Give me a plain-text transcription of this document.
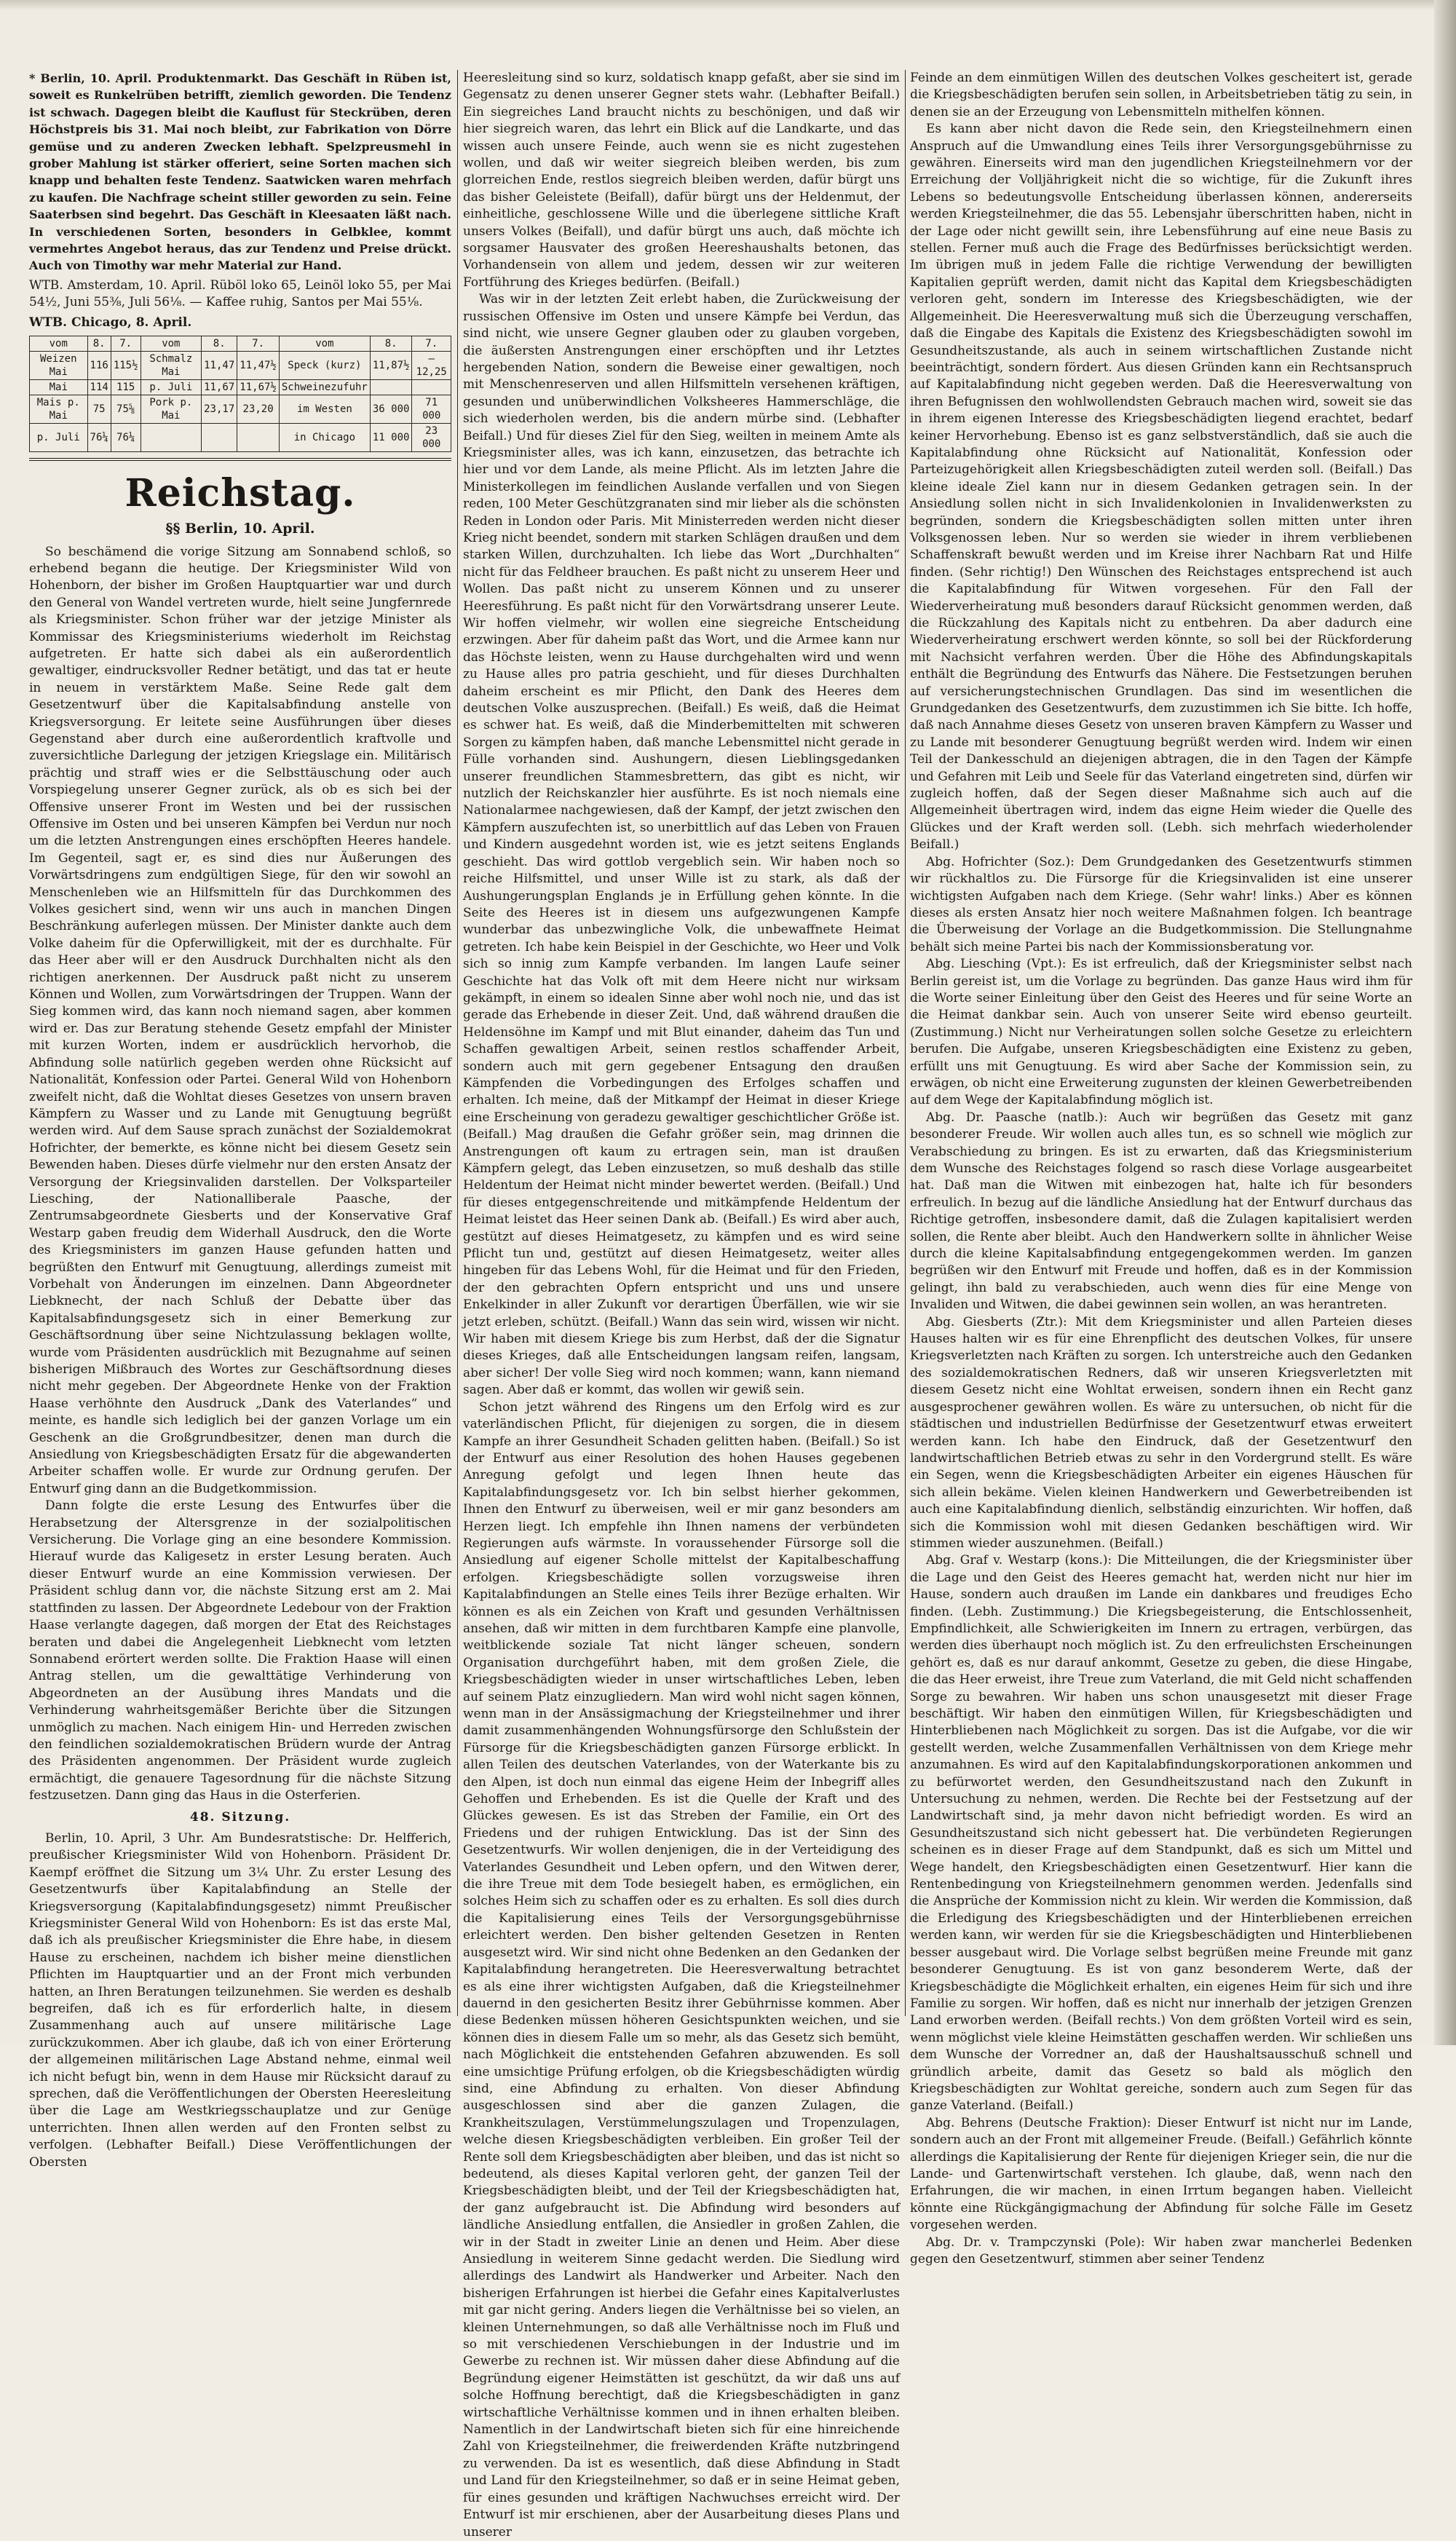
* Berlin, 10. April. Produktenmarkt. Das Geschäft in Rüben ist, soweit es Runkelrüben betrifft, ziemlich geworden. Die Tendenz ist schwach. Dagegen bleibt die Kauflust für Steckrüben, deren Höchstpreis bis 31. Mai noch bleibt, zur Fabrikation von Dörre gemüse und zu anderen Zwecken lebhaft. Spelzpreusmehl in grober Mahlung ist stärker offeriert, seine Sorten machen sich knapp und behalten feste Tendenz. Saatwicken waren mehrfach zu kaufen. Die Nachfrage scheint stiller geworden zu sein. Feine Saaterbsen sind begehrt. Das Geschäft in Kleesaaten läßt nach. In verschiedenen Sorten, besonders in Gelbklee, kommt vermehrtes Angebot heraus, das zur Tendenz und Preise drückt. Auch von Timothy war mehr Material zur Hand.

WTB. Amsterdam, 10. April. Rüböl loko 65, Leinöl loko 55, per Mai 54½, Juni 55⅜, Juli 56⅛. — Kaffee ruhig, Santos per Mai 55⅛.

WTB. Chicago, 8. April.

vom	8.	7.	vom	8.	7.	vom	8.	7.
Weizen Mai	116	115½	Schmalz Mai	11,47	11,47½	Speck (kurz)	11,87½	—12,25
Mai	114	115	p. Juli	11,67	11,67½	Schweinezufuhr		
Mais p. Mai	75	75⅝	Pork p. Mai	23,17	23,20	im Westen	36 000	71 000
p. Juli	76¼	76¼				in Chicago	11 000	23 000
Reichstag.
§§ Berlin, 10. April.

So beschämend die vorige Sitzung am Sonnabend schloß, so erhebend begann die heutige. Der Kriegsminister Wild von Hohenborn, der bisher im Großen Hauptquartier war und durch den General von Wandel vertreten wurde, hielt seine Jungfernrede als Kriegsminister. Schon früher war der jetzige Minister als Kommissar des Kriegsministeriums wiederholt im Reichstag aufgetreten. Er hatte sich dabei als ein außerordentlich gewaltiger, eindrucksvoller Redner betätigt, und das tat er heute in neuem in verstärktem Maße. Seine Rede galt dem Gesetzentwurf über die Kapitalsabfindung anstelle von Kriegsversorgung. Er leitete seine Ausführungen über dieses Gegenstand aber durch eine außerordentlich kraftvolle und zuversichtliche Darlegung der jetzigen Kriegslage ein. Militärisch prächtig und straff wies er die Selbsttäuschung oder auch Vorspiegelung unserer Gegner zurück, als ob es sich bei der Offensive unserer Front im Westen und bei der russischen Offensive im Osten und bei unseren Kämpfen bei Verdun nur noch um die letzten Anstrengungen eines erschöpften Heeres handele. Im Gegenteil, sagt er, es sind dies nur Äußerungen des Vorwärtsdringens zum endgültigen Siege, für den wir sowohl an Menschenleben wie an Hilfsmitteln für das Durchkommen des Volkes gesichert sind, wenn wir uns auch in manchen Dingen Beschränkung auferlegen müssen. Der Minister dankte auch dem Volke daheim für die Opferwilligkeit, mit der es durchhalte. Für das Heer aber will er den Ausdruck Durchhalten nicht als den richtigen anerkennen. Der Ausdruck paßt nicht zu unserem Können und Wollen, zum Vorwärtsdringen der Truppen. Wann der Sieg kommen wird, das kann noch niemand sagen, aber kommen wird er. Das zur Beratung stehende Gesetz empfahl der Minister mit kurzen Worten, indem er ausdrücklich hervorhob, die Abfindung solle natürlich gegeben werden ohne Rücksicht auf Nationalität, Konfession oder Partei. General Wild von Hohenborn zweifelt nicht, daß die Wohltat dieses Gesetzes von unsern braven Kämpfern zu Wasser und zu Lande mit Genugtuung begrüßt werden wird. Auf dem Sause sprach zunächst der Sozialdemokrat Hofrichter, der bemerkte, es könne nicht bei diesem Gesetz sein Bewenden haben. Dieses dürfe vielmehr nur den ersten Ansatz der Versorgung der Kriegsinvaliden darstellen. Der Volksparteiler Liesching, der Nationalliberale Paasche, der Zentrumsabgeordnete Giesberts und der Konservative Graf Westarp gaben freudig dem Widerhall Ausdruck, den die Worte des Kriegsministers im ganzen Hause gefunden hatten und begrüßten den Entwurf mit Genugtuung, allerdings zumeist mit Vorbehalt von Änderungen im einzelnen. Dann Abgeordneter Liebknecht, der nach Schluß der Debatte über das Kapitalsabfindungsgesetz sich in einer Bemerkung zur Geschäftsordnung über seine Nichtzulassung beklagen wollte, wurde vom Präsidenten ausdrücklich mit Bezugnahme auf seinen bisherigen Mißbrauch des Wortes zur Geschäftsordnung dieses nicht mehr gegeben. Der Abgeordnete Henke von der Fraktion Haase verhöhnte den Ausdruck „Dank des Vaterlandes“ und meinte, es handle sich lediglich bei der ganzen Vorlage um ein Geschenk an die Großgrundbesitzer, denen man durch die Ansiedlung von Kriegsbeschädigten Ersatz für die abgewanderten Arbeiter schaffen wolle. Er wurde zur Ordnung gerufen. Der Entwurf ging dann an die Budgetkommission.

Dann folgte die erste Lesung des Entwurfes über die Herabsetzung der Altersgrenze in der sozialpolitischen Versicherung. Die Vorlage ging an eine besondere Kommission. Hierauf wurde das Kaligesetz in erster Lesung beraten. Auch dieser Entwurf wurde an eine Kommission verwiesen. Der Präsident schlug dann vor, die nächste Sitzung erst am 2. Mai stattfinden zu lassen. Der Abgeordnete Ledebour von der Fraktion Haase verlangte dagegen, daß morgen der Etat des Reichstages beraten und dabei die Angelegenheit Liebknecht vom letzten Sonnabend erörtert werden sollte. Die Fraktion Haase will einen Antrag stellen, um die gewalttätige Verhinderung von Abgeordneten an der Ausübung ihres Mandats und die Verhinderung wahrheitsgemäßer Berichte über die Sitzungen unmöglich zu machen. Nach einigem Hin- und Herreden zwischen den feindlichen sozialdemokratischen Brüdern wurde der Antrag des Präsidenten angenommen. Der Präsident wurde zugleich ermächtigt, die genauere Tagesordnung für die nächste Sitzung festzusetzen. Dann ging das Haus in die Osterferien.

48. Sitzung.

Berlin, 10. April, 3 Uhr. Am Bundesratstische: Dr. Helfferich, preußischer Kriegsminister Wild von Hohenborn. Präsident Dr. Kaempf eröffnet die Sitzung um 3¼ Uhr. Zu erster Lesung des Gesetzentwurfs über Kapitalabfindung an Stelle der Kriegsversorgung (Kapitalabfindungsgesetz) nimmt Preußischer Kriegsminister General Wild von Hohenborn: Es ist das erste Mal, daß ich als preußischer Kriegsminister die Ehre habe, in diesem Hause zu erscheinen, nachdem ich bisher meine dienstlichen Pflichten im Hauptquartier und an der Front mich verbunden hatten, an Ihren Beratungen teilzunehmen. Sie werden es deshalb begreifen, daß ich es für erforderlich halte, in diesem Zusammenhang auch auf unsere militärische Lage zurückzukommen. Aber ich glaube, daß ich von einer Erörterung der allgemeinen militärischen Lage Abstand nehme, einmal weil ich nicht befugt bin, wenn in dem Hause mir Rücksicht darauf zu sprechen, daß die Veröffentlichungen der Obersten Heeresleitung über die Lage am Westkriegsschauplatze und zur Genüge unterrichten. Ihnen allen werden auf den Fronten selbst zu verfolgen. (Lebhafter Beifall.) Diese Veröffentlichungen der Obersten

Heeresleitung sind so kurz, soldatisch knapp gefaßt, aber sie sind im Gegensatz zu denen unserer Gegner stets wahr. (Lebhafter Beifall.) Ein siegreiches Land braucht nichts zu beschönigen, und daß wir hier siegreich waren, das lehrt ein Blick auf die Landkarte, und das wissen auch unsere Feinde, auch wenn sie es nicht zugestehen wollen, und daß wir weiter siegreich bleiben werden, bis zum glorreichen Ende, restlos siegreich bleiben werden, dafür bürgt uns das bisher Geleistete (Beifall), dafür bürgt uns der Heldenmut, der einheitliche, geschlossene Wille und die überlegene sittliche Kraft unsers Volkes (Beifall), und dafür bürgt uns auch, daß möchte ich sorgsamer Hausvater des großen Heereshaushalts betonen, das Vorhandensein von allem und jedem, dessen wir zur weiteren Fortführung des Krieges bedürfen. (Beifall.)

Was wir in der letzten Zeit erlebt haben, die Zurückweisung der russischen Offensive im Osten und unsere Kämpfe bei Verdun, das sind nicht, wie unsere Gegner glauben oder zu glauben vorgeben, die äußersten Anstrengungen einer erschöpften und ihr Letztes hergebenden Nation, sondern die Beweise einer gewaltigen, noch mit Menschenreserven und allen Hilfsmitteln versehenen kräftigen, gesunden und unüberwindlichen Volksheeres Hammerschläge, die sich wiederholen werden, bis die andern mürbe sind. (Lebhafter Beifall.) Und für dieses Ziel für den Sieg, weilten in meinem Amte als Kriegsminister alles, was ich kann, einzusetzen, das betrachte ich hier und vor dem Lande, als meine Pflicht. Als im letzten Jahre die Ministerkollegen im feindlichen Auslande verfallen und von Siegen reden, 100 Meter Geschützgranaten sind mir lieber als die schönsten Reden in London oder Paris. Mit Ministerreden werden nicht dieser Krieg nicht beendet, sondern mit starken Schlägen draußen und dem starken Willen, durchzuhalten. Ich liebe das Wort „Durchhalten“ nicht für das Feldheer brauchen. Es paßt nicht zu unserem Heer und Wollen. Das paßt nicht zu unserem Können und zu unserer Heeresführung. Es paßt nicht für den Vorwärtsdrang unserer Leute. Wir hoffen vielmehr, wir wollen eine siegreiche Entscheidung erzwingen. Aber für daheim paßt das Wort, und die Armee kann nur das Höchste leisten, wenn zu Hause durchgehalten wird und wenn zu Hause alles pro patria geschieht, und für dieses Durchhalten daheim erscheint es mir Pflicht, den Dank des Heeres dem deutschen Volke auszusprechen. (Beifall.) Es weiß, daß die Heimat es schwer hat. Es weiß, daß die Minderbemittelten mit schweren Sorgen zu kämpfen haben, daß manche Lebensmittel nicht gerade in Fülle vorhanden sind. Aushungern, diesen Lieblingsgedanken unserer freundlichen Stammesbrettern, das gibt es nicht, wir nutzlich der Reichskanzler hier ausführte. Es ist noch niemals eine Nationalarmee nachgewiesen, daß der Kampf, der jetzt zwischen den Kämpfern auszufechten ist, so unerbittlich auf das Leben von Frauen und Kindern ausgedehnt worden ist, wie es jetzt seitens Englands geschieht. Das wird gottlob vergeblich sein. Wir haben noch so reiche Hilfsmittel, und unser Wille ist zu stark, als daß der Aushungerungsplan Englands je in Erfüllung gehen könnte. In die Seite des Heeres ist in diesem uns aufgezwungenen Kampfe wunderbar das unbezwingliche Volk, die unbewaffnete Heimat getreten. Ich habe kein Beispiel in der Geschichte, wo Heer und Volk sich so innig zum Kampfe verbanden. Im langen Laufe seiner Geschichte hat das Volk oft mit dem Heere nicht nur wirksam gekämpft, in einem so idealen Sinne aber wohl noch nie, und das ist gerade das Erhebende in dieser Zeit. Und, daß während draußen die Heldensöhne im Kampf und mit Blut einander, daheim das Tun und Schaffen gewaltigen Arbeit, seinen restlos schaffender Arbeit, sondern auch mit gern gegebener Entsagung den draußen Kämpfenden die Vorbedingungen des Erfolges schaffen und erhalten. Ich meine, daß der Mitkampf der Heimat in dieser Kriege eine Erscheinung von geradezu gewaltiger geschichtlicher Größe ist. (Beifall.) Mag draußen die Gefahr größer sein, mag drinnen die Anstrengungen oft kaum zu ertragen sein, man ist draußen Kämpfern gelegt, das Leben einzusetzen, so muß deshalb das stille Heldentum der Heimat nicht minder bewertet werden. (Beifall.) Und für dieses entgegenschreitende und mitkämpfende Heldentum der Heimat leistet das Heer seinen Dank ab. (Beifall.) Es wird aber auch, gestützt auf dieses Heimatgesetz, zu kämpfen und es wird seine Pflicht tun und, gestützt auf diesen Heimatgesetz, weiter alles hingeben für das Lebens Wohl, für die Heimat und für den Frieden, der den gebrachten Opfern entspricht und uns und unsere Enkelkinder in aller Zukunft vor derartigen Überfällen, wie wir sie jetzt erleben, schützt. (Beifall.) Wann das sein wird, wissen wir nicht. Wir haben mit diesem Kriege bis zum Herbst, daß der die Signatur dieses Krieges, daß alle Entscheidungen langsam reifen, langsam, aber sicher! Der volle Sieg wird noch kommen; wann, kann niemand sagen. Aber daß er kommt, das wollen wir gewiß sein.

Schon jetzt während des Ringens um den Erfolg wird es zur vaterländischen Pflicht, für diejenigen zu sorgen, die in diesem Kampfe an ihrer Gesundheit Schaden gelitten haben. (Beifall.) So ist der Entwurf aus einer Resolution des hohen Hauses gegebenen Anregung gefolgt und legen Ihnen heute das Kapitalabfindungsgesetz vor. Ich bin selbst hierher gekommen, Ihnen den Entwurf zu überweisen, weil er mir ganz besonders am Herzen liegt. Ich empfehle ihn Ihnen namens der verbündeten Regierungen aufs wärmste. In voraussehender Fürsorge soll die Ansiedlung auf eigener Scholle mittelst der Kapitalbeschaffung erfolgen. Kriegsbeschädigte sollen vorzugsweise ihren Kapitalabfindungen an Stelle eines Teils ihrer Bezüge erhalten. Wir können es als ein Zeichen von Kraft und gesunden Verhältnissen ansehen, daß wir mitten in dem furchtbaren Kampfe eine planvolle, weitblickende soziale Tat nicht länger scheuen, sondern Organisation durchgeführt haben, mit dem großen Ziele, die Kriegsbeschädigten wieder in unser wirtschaftliches Leben, leben auf seinem Platz einzugliedern. Man wird wohl nicht sagen können, wenn man in der Ansässigmachung der Kriegsteilnehmer und ihrer damit zusammenhängenden Wohnungsfürsorge den Schlußstein der Fürsorge für die Kriegsbeschädigten ganzen Fürsorge erblickt. In allen Teilen des deutschen Vaterlandes, von der Waterkante bis zu den Alpen, ist doch nun einmal das eigene Heim der Inbegriff alles Gehoffen und Erhebenden. Es ist die Quelle der Kraft und des Glückes gewesen. Es ist das Streben der Familie, ein Ort des Friedens und der ruhigen Entwicklung. Das ist der Sinn des Gesetzentwurfs. Wir wollen denjenigen, die in der Verteidigung des Vaterlandes Gesundheit und Leben opfern, und den Witwen derer, die ihre Treue mit dem Tode besiegelt haben, es ermöglichen, ein solches Heim sich zu schaffen oder es zu erhalten. Es soll dies durch die Kapitalisierung eines Teils der Versorgungsgebührnisse erleichtert werden. Den bisher geltenden Gesetzen in Renten ausgesetzt wird. Wir sind nicht ohne Bedenken an den Gedanken der Kapitalabfindung herangetreten. Die Heeresverwaltung betrachtet es als eine ihrer wichtigsten Aufgaben, daß die Kriegsteilnehmer dauernd in den gesicherten Besitz ihrer Gebührnisse kommen. Aber diese Bedenken müssen höheren Gesichtspunkten weichen, und sie können dies in diesem Falle um so mehr, als das Gesetz sich bemüht, nach Möglichkeit die entstehenden Gefahren abzuwenden. Es soll eine umsichtige Prüfung erfolgen, ob die Kriegsbeschädigten würdig sind, eine Abfindung zu erhalten. Von dieser Abfindung ausgeschlossen sind aber die ganzen Zulagen, die Krankheitszulagen, Verstümmelungszulagen und Tropenzulagen, welche diesen Kriegsbeschädigten verbleiben. Ein großer Teil der Rente soll dem Kriegsbeschädigten aber bleiben, und das ist nicht so bedeutend, als dieses Kapital verloren geht, der ganzen Teil der Kriegsbeschädigten bleibt, und der Teil der Kriegsbeschädigten hat, der ganz aufgebraucht ist. Die Abfindung wird besonders auf ländliche Ansiedlung entfallen, die Ansiedler in großen Zahlen, die wir in der Stadt in zweiter Linie an denen und Heim. Aber diese Ansiedlung in weiterem Sinne gedacht werden. Die Siedlung wird allerdings des Landwirt als Handwerker und Arbeiter. Nach den bisherigen Erfahrungen ist hierbei die Gefahr eines Kapitalverlustes mit gar nicht gering. Anders liegen die Verhältnisse bei so vielen, an kleinen Unternehmungen, so daß alle Verhältnisse noch im Fluß und so mit verschiedenen Verschiebungen in der Industrie und im Gewerbe zu rechnen ist. Wir müssen daher diese Abfindung auf die Begründung eigener Heimstätten ist geschützt, da wir daß uns auf solche Hoffnung berechtigt, daß die Kriegsbeschädigten in ganz wirtschaftliche Verhältnisse kommen und in ihnen erhalten bleiben. Namentlich in der Landwirtschaft bieten sich für eine hinreichende Zahl von Kriegsteilnehmer, die freiwerdenden Kräfte nutzbringend zu verwenden. Da ist es wesentlich, daß diese Abfindung in Stadt und Land für den Kriegsteilnehmer, so daß er in seine Heimat geben, für eines gesunden und kräftigen Nachwuchses erreicht wird. Der Entwurf ist mir erschienen, aber der Ausarbeitung dieses Plans und unserer

Feinde an dem einmütigen Willen des deutschen Volkes gescheitert ist, gerade die Kriegsbeschädigten berufen sein sollen, in Arbeitsbetrieben tätig zu sein, in denen sie an der Erzeugung von Lebensmitteln mithelfen können.

Es kann aber nicht davon die Rede sein, den Kriegsteilnehmern einen Anspruch auf die Umwandlung eines Teils ihrer Versorgungsgebührnisse zu gewähren. Einerseits wird man den jugendlichen Kriegsteilnehmern vor der Erreichung der Volljährigkeit nicht die so wichtige, für die Zukunft ihres Lebens so bedeutungsvolle Entscheidung überlassen können, andererseits werden Kriegsteilnehmer, die das 55. Lebensjahr überschritten haben, nicht in der Lage oder nicht gewillt sein, ihre Lebensführung auf eine neue Basis zu stellen. Ferner muß auch die Frage des Bedürfnisses berücksichtigt werden. Im übrigen muß in jedem Falle die richtige Verwendung der bewilligten Kapitalien geprüft werden, damit nicht das Kapital dem Kriegsbeschädigten verloren geht, sondern im Interesse des Kriegsbeschädigten, wie der Allgemeinheit. Die Heeresverwaltung muß sich die Überzeugung verschaffen, daß die Eingabe des Kapitals die Existenz des Kriegsbeschädigten sowohl im Gesundheitszustande, als auch in seinem wirtschaftlichen Zustande nicht beeinträchtigt, sondern fördert. Aus diesen Gründen kann ein Rechtsanspruch auf Kapitalabfindung nicht gegeben werden. Daß die Heeresverwaltung von ihren Befugnissen den wohlwollendsten Gebrauch machen wird, soweit sie das in ihrem eigenen Interesse des Kriegsbeschädigten liegend erachtet, bedarf keiner Hervorhebung. Ebenso ist es ganz selbstverständlich, daß sie auch die Kapitalabfindung ohne Rücksicht auf Nationalität, Konfession oder Parteizugehörigkeit allen Kriegsbeschädigten zuteil werden soll. (Beifall.) Das kleine ideale Ziel kann nur in diesem Gedanken getragen sein. In der Ansiedlung sollen nicht in sich Invalidenkolonien in Invalidenwerksten zu begründen, sondern die Kriegsbeschädigten sollen mitten unter ihren Volksgenossen leben. Nur so werden sie wieder in ihrem verbliebenen Schaffenskraft bewußt werden und im Kreise ihrer Nachbarn Rat und Hilfe finden. (Sehr richtig!) Den Wünschen des Reichstages entsprechend ist auch die Kapitalabfindung für Witwen vorgesehen. Für den Fall der Wiederverheiratung muß besonders darauf Rücksicht genommen werden, daß die Rückzahlung des Kapitals nicht zu entbehren. Da aber dadurch eine Wiederverheiratung erschwert werden könnte, so soll bei der Rückforderung mit Nachsicht verfahren werden. Über die Höhe des Abfindungskapitals enthält die Begründung des Entwurfs das Nähere. Die Festsetzungen beruhen auf versicherungstechnischen Grundlagen. Das sind im wesentlichen die Grundgedanken des Gesetzentwurfs, dem zuzustimmen ich Sie bitte. Ich hoffe, daß nach Annahme dieses Gesetz von unseren braven Kämpfern zu Wasser und zu Lande mit besonderer Genugtuung begrüßt werden wird. Indem wir einen Teil der Dankesschuld an diejenigen abtragen, die in den Tagen der Kämpfe und Gefahren mit Leib und Seele für das Vaterland eingetreten sind, dürfen wir zugleich hoffen, daß der Segen dieser Maßnahme sich auch auf die Allgemeinheit übertragen wird, indem das eigne Heim wieder die Quelle des Glückes und der Kraft werden soll. (Lebh. sich mehrfach wiederholender Beifall.)

Abg. Hofrichter (Soz.): Dem Grundgedanken des Gesetzentwurfs stimmen wir rückhaltlos zu. Die Fürsorge für die Kriegsinvaliden ist eine unserer wichtigsten Aufgaben nach dem Kriege. (Sehr wahr! links.) Aber es können dieses als ersten Ansatz hier noch weitere Maßnahmen folgen. Ich beantrage die Überweisung der Vorlage an die Budgetkommission. Die Stellungnahme behält sich meine Partei bis nach der Kommissionsberatung vor.

Abg. Liesching (Vpt.): Es ist erfreulich, daß der Kriegsminister selbst nach Berlin gereist ist, um die Vorlage zu begründen. Das ganze Haus wird ihm für die Worte seiner Einleitung über den Geist des Heeres und für seine Worte an die Heimat dankbar sein. Auch von unserer Seite wird ebenso geurteilt. (Zustimmung.) Nicht nur Verheiratungen sollen solche Gesetze zu erleichtern berufen. Die Aufgabe, unseren Kriegsbeschädigten eine Existenz zu geben, erfüllt uns mit Genugtuung. Es wird aber Sache der Kommission sein, zu erwägen, ob nicht eine Erweiterung zugunsten der kleinen Gewerbetreibenden auf dem Wege der Kapitalabfindung möglich ist.

Abg. Dr. Paasche (natlb.): Auch wir begrüßen das Gesetz mit ganz besonderer Freude. Wir wollen auch alles tun, es so schnell wie möglich zur Verabschiedung zu bringen. Es ist zu erwarten, daß das Kriegsministerium dem Wunsche des Reichstages folgend so rasch diese Vorlage ausgearbeitet hat. Daß man die Witwen mit einbezogen hat, halte ich für besonders erfreulich. In bezug auf die ländliche Ansiedlung hat der Entwurf durchaus das Richtige getroffen, insbesondere damit, daß die Zulagen kapitalisiert werden sollen, die Rente aber bleibt. Auch den Handwerkern sollte in ähnlicher Weise durch die kleine Kapitalsabfindung entgegengekommen werden. Im ganzen begrüßen wir den Entwurf mit Freude und hoffen, daß es in der Kommission gelingt, ihn bald zu verabschieden, auch wenn dies für eine Menge von Invaliden und Witwen, die dabei gewinnen sein wollen, an was herantreten.

Abg. Giesberts (Ztr.): Mit dem Kriegsminister und allen Parteien dieses Hauses halten wir es für eine Ehrenpflicht des deutschen Volkes, für unsere Kriegsverletzten nach Kräften zu sorgen. Ich unterstreiche auch den Gedanken des sozialdemokratischen Redners, daß wir unseren Kriegsverletzten mit diesem Gesetz nicht eine Wohltat erweisen, sondern ihnen ein Recht ganz ausgesprochener gewähren wollen. Es wäre zu untersuchen, ob nicht für die städtischen und industriellen Bedürfnisse der Gesetzentwurf etwas erweitert werden kann. Ich habe den Eindruck, daß der Gesetzentwurf den landwirtschaftlichen Betrieb etwas zu sehr in den Vordergrund stellt. Es wäre ein Segen, wenn die Kriegsbeschädigten Arbeiter ein eigenes Häuschen für sich allein bekäme. Vielen kleinen Handwerkern und Gewerbetreibenden ist auch eine Kapitalabfindung dienlich, selbständig einzurichten. Wir hoffen, daß sich die Kommission wohl mit diesen Gedanken beschäftigen wird. Wir stimmen wieder auszunehmen. (Beifall.)

Abg. Graf v. Westarp (kons.): Die Mitteilungen, die der Kriegsminister über die Lage und den Geist des Heeres gemacht hat, werden nicht nur hier im Hause, sondern auch draußen im Lande ein dankbares und freudiges Echo finden. (Lebh. Zustimmung.) Die Kriegsbegeisterung, die Entschlossenheit, Empfindlichkeit, alle Schwierigkeiten im Innern zu ertragen, verbürgen, das werden dies überhaupt noch möglich ist. Zu den erfreulichsten Erscheinungen gehört es, daß es nur darauf ankommt, Gesetze zu geben, die diese Hingabe, die das Heer erweist, ihre Treue zum Vaterland, die mit Geld nicht schaffenden Sorge zu bewahren. Wir haben uns schon unausgesetzt mit dieser Frage beschäftigt. Wir haben den einmütigen Willen, für Kriegsbeschädigten und Hinterbliebenen nach Möglichkeit zu sorgen. Das ist die Aufgabe, vor die wir gestellt werden, welche Zusammenfallen Verhältnissen von dem Kriege mehr anzumahnen. Es wird auf den Kapitalabfindungskorporationen ankommen und zu befürwortet werden, den Gesundheitszustand nach den Zukunft in Untersuchung zu nehmen, werden. Die Rechte bei der Festsetzung auf der Landwirtschaft sind, ja mehr davon nicht befriedigt worden. Es wird an Gesundheitszustand sich nicht gebessert hat. Die verbündeten Regierungen scheinen es in dieser Frage auf dem Standpunkt, daß es sich um Mittel und Wege handelt, den Kriegsbeschädigten einen Gesetzentwurf. Hier kann die Rentenbedingung von Kriegsteilnehmern genommen werden. Jedenfalls sind die Ansprüche der Kommission nicht zu klein. Wir werden die Kommission, daß die Erledigung des Kriegsbeschädigten und der Hinterbliebenen erreichen werden kann, wir werden für sie die Kriegsbeschädigten und Hinterbliebenen besser ausgebaut wird. Die Vorlage selbst begrüßen meine Freunde mit ganz besonderer Genugtuung. Es ist von ganz besonderem Werte, daß der Kriegsbeschädigte die Möglichkeit erhalten, ein eigenes Heim für sich und ihre Familie zu sorgen. Wir hoffen, daß es nicht nur innerhalb der jetzigen Grenzen Land erworben werden. (Beifall rechts.) Von dem größten Vorteil wird es sein, wenn möglichst viele kleine Heimstätten geschaffen werden. Wir schließen uns dem Wunsche der Vorredner an, daß der Haushaltsausschuß schnell und gründlich arbeite, damit das Gesetz so bald als möglich den Kriegsbeschädigten zur Wohltat gereiche, sondern auch zum Segen für das ganze Vaterland. (Beifall.)

Abg. Behrens (Deutsche Fraktion): Dieser Entwurf ist nicht nur im Lande, sondern auch an der Front mit allgemeiner Freude. (Beifall.) Gefährlich könnte allerdings die Kapitalisierung der Rente für diejenigen Krieger sein, die nur die Lande- und Gartenwirtschaft verstehen. Ich glaube, daß, wenn nach den Erfahrungen, die wir machen, in einen Irrtum begangen haben. Vielleicht könnte eine Rückgängigmachung der Abfindung für solche Fälle im Gesetz vorgesehen werden.

Abg. Dr. v. Trampczynski (Pole): Wir haben zwar mancherlei Bedenken gegen den Gesetzentwurf, stimmen aber seiner Tendenz
